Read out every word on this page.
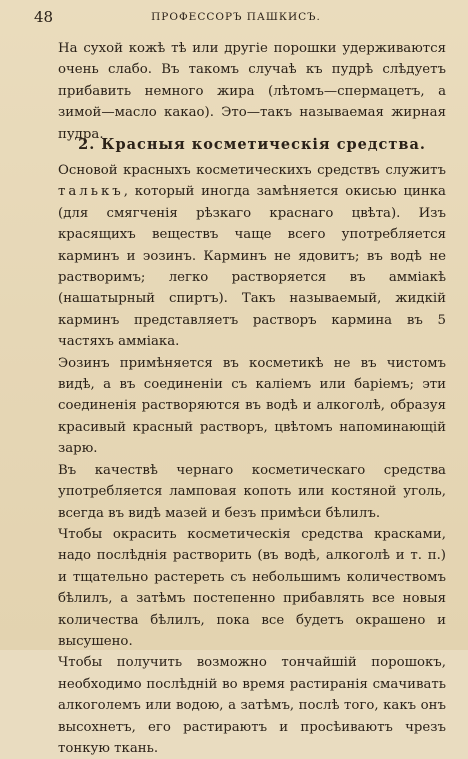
48	ПРОФЕССОРЪ ПАШКИСЪ.

На сухой кожѣ тѣ или другіе порошки удерживаются очень слабо. Въ такомъ случаѣ къ пудрѣ слѣдуетъ прибавить немного жира (лѣтомъ—спермацетъ, а зимой—масло какао). Это—такъ называемая жирная пудра.

2. Красныя косметическія средства.

Основой красныхъ косметическихъ средствъ служитъ талькъ, который иногда замѣняется окисью цинка (для смягченія рѣзкаго краснаго цвѣта). Изъ красящихъ веществъ чаще всего употребляется карминъ и эозинъ. Карминъ не ядовитъ; въ водѣ не растворимъ; легко растворяется въ амміакѣ (нашатырный спиртъ). Такъ называемый, жидкій карминъ представляетъ растворъ кармина въ 5 частяхъ амміака.

Эозинъ примѣняется въ косметикѣ не въ чистомъ видѣ, а въ соединеніи съ каліемъ или баріемъ; эти соединенія растворяются въ водѣ и алкоголѣ, образуя красивый красный растворъ, цвѣтомъ напоминающій зарю.

Въ качествѣ чернаго косметическаго средства употребляется ламповая копоть или костяной уголь, всегда въ видѣ мазей и безъ примѣси бѣлилъ.

Чтобы окрасить косметическія средства красками, надо послѣднія растворить (въ водѣ, алкоголѣ и т. п.) и тщательно растереть съ небольшимъ количествомъ бѣлилъ, а затѣмъ постепенно прибавлять все новыя количества бѣлилъ, пока все будетъ окрашено и высушено.

Чтобы получить возможно тончайшій порошокъ, необходимо послѣдній во время растиранія смачивать алкоголемъ или водою, а затѣмъ, послѣ того, какъ онъ высохнетъ, его растираютъ и просѣиваютъ чрезъ тонкую ткань.
